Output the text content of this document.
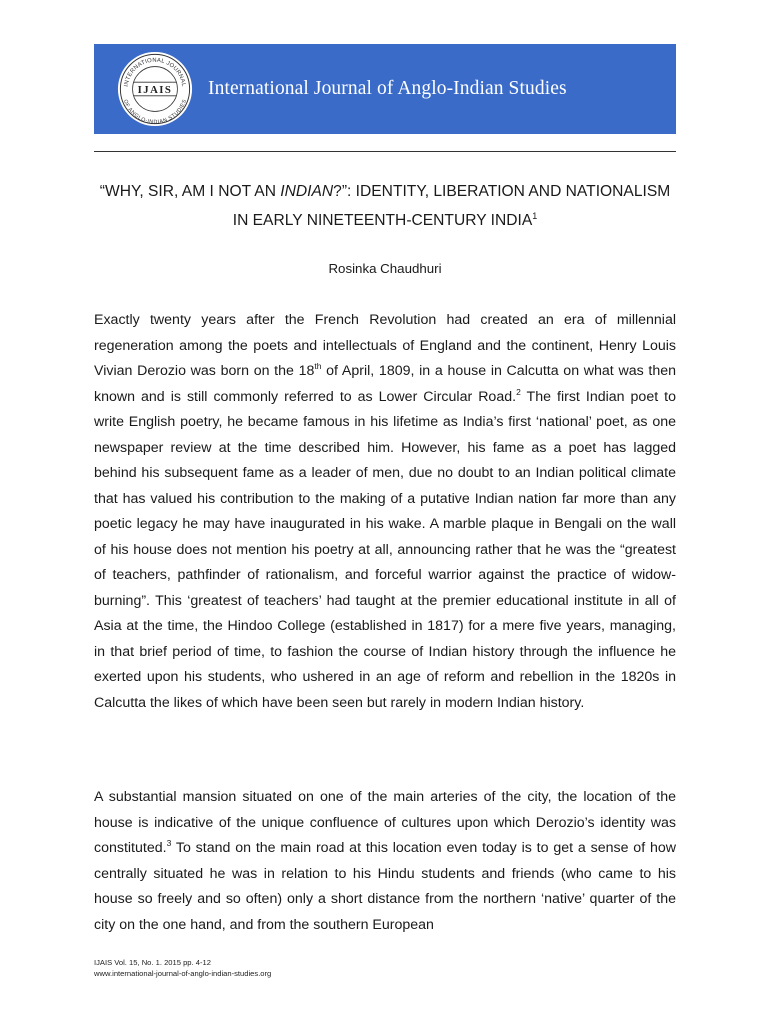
INTERNATIONAL JOURNAL
OF ANGLO-INDIAN STUDIES
IJAIS International Journal of Anglo-Indian Studies
“WHY, SIR, AM I NOT AN INDIAN?”: IDENTITY, LIBERATION AND NATIONALISM IN EARLY NINETEENTH-CENTURY INDIA$^1$
Rosinka Chaudhuri

Exactly twenty years after the French Revolution had created an era of millennial regeneration among the poets and intellectuals of England and the continent, Henry Louis Vivian Derozio was born on the 18th of April, 1809, in a house in Calcutta on what was then known and is still commonly referred to as Lower Circular Road.$^2$ The first Indian poet to write English poetry, he became famous in his lifetime as India’s first ‘national’ poet, as one newspaper review at the time described him. However, his fame as a poet has lagged behind his subsequent fame as a leader of men, due no doubt to an Indian political climate that has valued his contribution to the making of a putative Indian nation far more than any poetic legacy he may have inaugurated in his wake. A marble plaque in Bengali on the wall of his house does not mention his poetry at all, announcing rather that he was the “greatest of teachers, pathfinder of rationalism, and forceful warrior against the practice of widow-burning”. This ‘greatest of teachers’ had taught at the premier educational institute in all of Asia at the time, the Hindoo College (established in 1817) for a mere five years, managing, in that brief period of time, to fashion the course of Indian history through the influence he exerted upon his students, who ushered in an age of reform and rebellion in the 1820s in Calcutta the likes of which have been seen but rarely in modern Indian history.

A substantial mansion situated on one of the main arteries of the city, the location of the house is indicative of the unique confluence of cultures upon which Derozio’s identity was constituted.$^3$ To stand on the main road at this location even today is to get a sense of how centrally situated he was in relation to his Hindu students and friends (who came to his house so freely and so often) only a short distance from the northern ‘native’ quarter of the city on the one hand, and from the southern European

IJAIS Vol. 15, No. 1. 2015 pp. 4-12
www.international-journal-of-anglo-indian-studies.org
